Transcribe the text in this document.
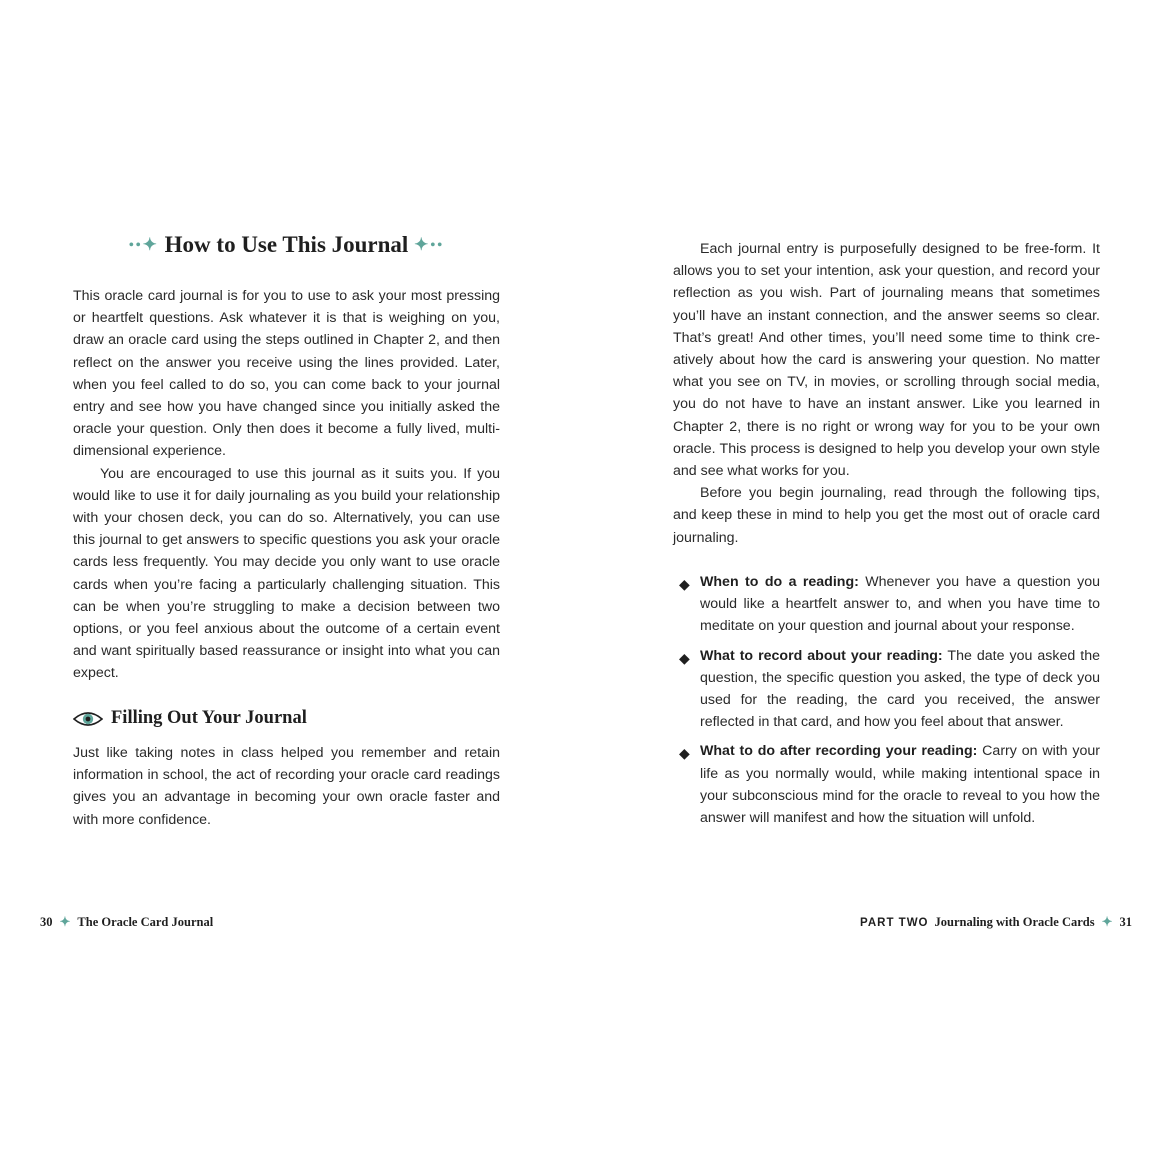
••✦ How to Use This Journal ✦••

This oracle card journal is for you to use to ask your most pressing or heartfelt questions. Ask whatever it is that is weighing on you, draw an oracle card using the steps outlined in Chapter 2, and then reflect on the answer you receive using the lines provided. Later, when you feel called to do so, you can come back to your journal entry and see how you have changed since you initially asked the oracle your question. Only then does it become a fully lived, multidimensional experience.

You are encouraged to use this journal as it suits you. If you would like to use it for daily journaling as you build your relationship with your chosen deck, you can do so. Alternatively, you can use this journal to get answers to specific questions you ask your oracle cards less frequently. You may decide you only want to use oracle cards when you’re facing a particularly challenging situation. This can be when you’re struggling to make a decision between two options, or you feel anxious about the outcome of a certain event and want spiritually based reassurance or insight into what you can expect.

Filling Out Your Journal

Just like taking notes in class helped you remember and retain information in school, the act of recording your oracle card readings gives you an advantage in becoming your own oracle faster and with more confidence.

30 ✦ The Oracle Card Journal

Each journal entry is purposefully designed to be free-form. It allows you to set your intention, ask your question, and record your reflection as you wish. Part of journaling means that sometimes you’ll have an instant connection, and the answer seems so clear. That’s great! And other times, you’ll need some time to think creatively about how the card is answering your question. No matter what you see on TV, in movies, or scrolling through social media, you do not have to have an instant answer. Like you learned in Chapter 2, there is no right or wrong way for you to be your own oracle. This process is designed to help you develop your own style and see what works for you.

Before you begin journaling, read through the following tips, and keep these in mind to help you get the most out of oracle card journaling.

◆ When to do a reading: Whenever you have a question you would like a heartfelt answer to, and when you have time to meditate on your question and journal about your response.
◆ What to record about your reading: The date you asked the question, the specific question you asked, the type of deck you used for the reading, the card you received, the answer reflected in that card, and how you feel about that answer.
◆ What to do after recording your reading: Carry on with your life as you normally would, while making intentional space in your subconscious mind for the oracle to reveal to you how the answer will manifest and how the situation will unfold.
PART TWO Journaling with Oracle Cards ✦ 31
